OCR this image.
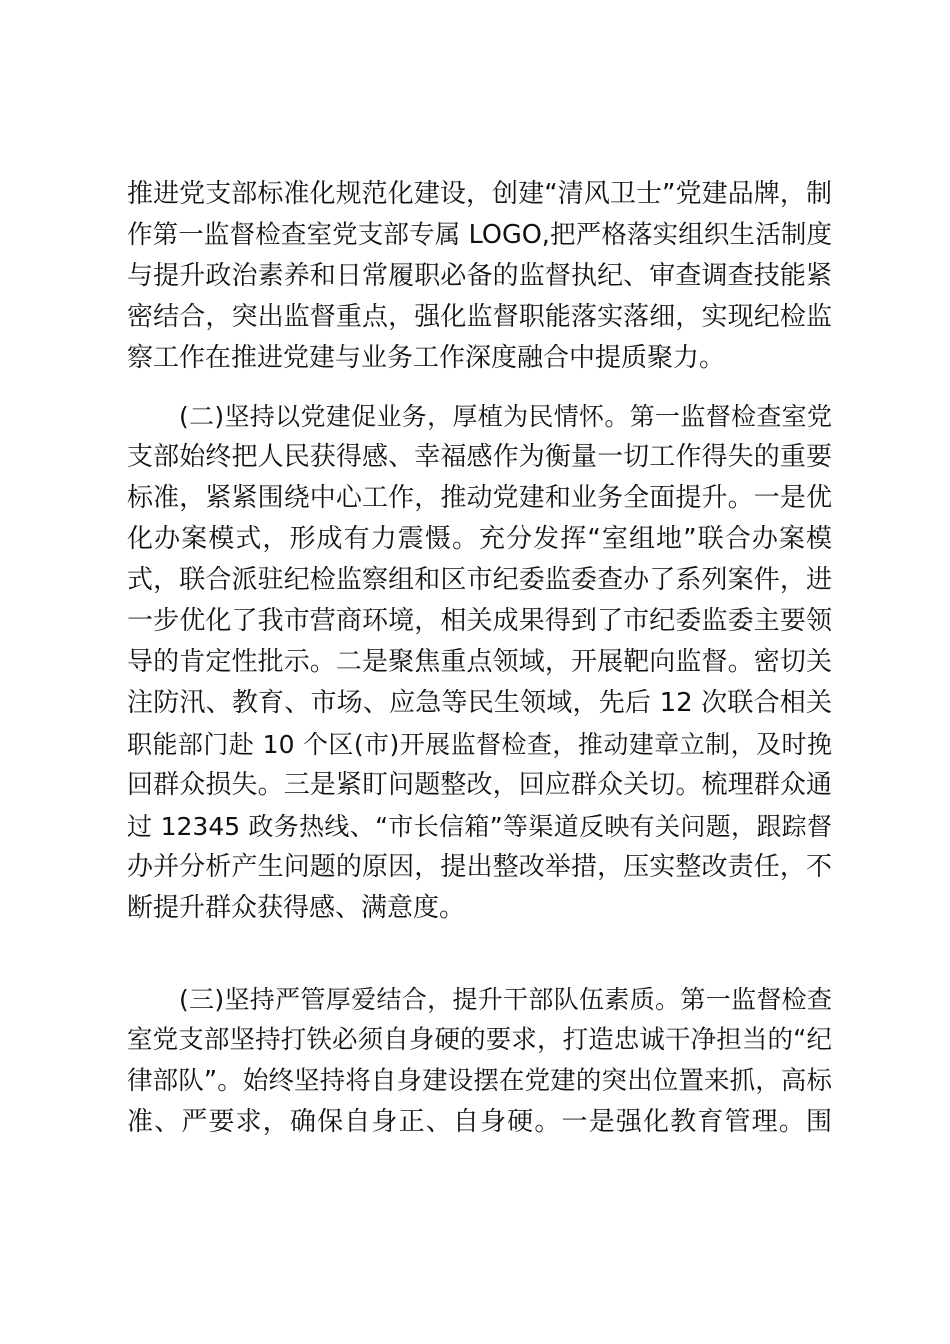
推进党支部标准化规范化建设，创建“清风卫士”党建品牌，制

作第一监督检查室党支部专属 LOGO,把严格落实组织生活制度

与提升政治素养和日常履职必备的监督执纪、审查调查技能紧

密结合，突出监督重点，强化监督职能落实落细，实现纪检监

察工作在推进党建与业务工作深度融合中提质聚力。

(二)坚持以党建促业务，厚植为民情怀。第一监督检查室党

支部始终把人民获得感、幸福感作为衡量一切工作得失的重要

标准，紧紧围绕中心工作，推动党建和业务全面提升。一是优

化办案模式，形成有力震慑。充分发挥“室组地”联合办案模

式，联合派驻纪检监察组和区市纪委监委查办了系列案件，进

一步优化了我市营商环境，相关成果得到了市纪委监委主要领

导的肯定性批示。二是聚焦重点领域，开展靶向监督。密切关

注防汛、教育、市场、应急等民生领域，先后 12 次联合相关

职能部门赴 10 个区(市)开展监督检查，推动建章立制，及时挽

回群众损失。三是紧盯问题整改，回应群众关切。梳理群众通

过 12345 政务热线、“市长信箱”等渠道反映有关问题，跟踪督

办并分析产生问题的原因，提出整改举措，压实整改责任，不

断提升群众获得感、满意度。

(三)坚持严管厚爱结合，提升干部队伍素质。第一监督检查

室党支部坚持打铁必须自身硬的要求，打造忠诚干净担当的“纪

律部队”。始终坚持将自身建设摆在党建的突出位置来抓，高标

准、严要求，确保自身正、自身硬。一是强化教育管理。围
